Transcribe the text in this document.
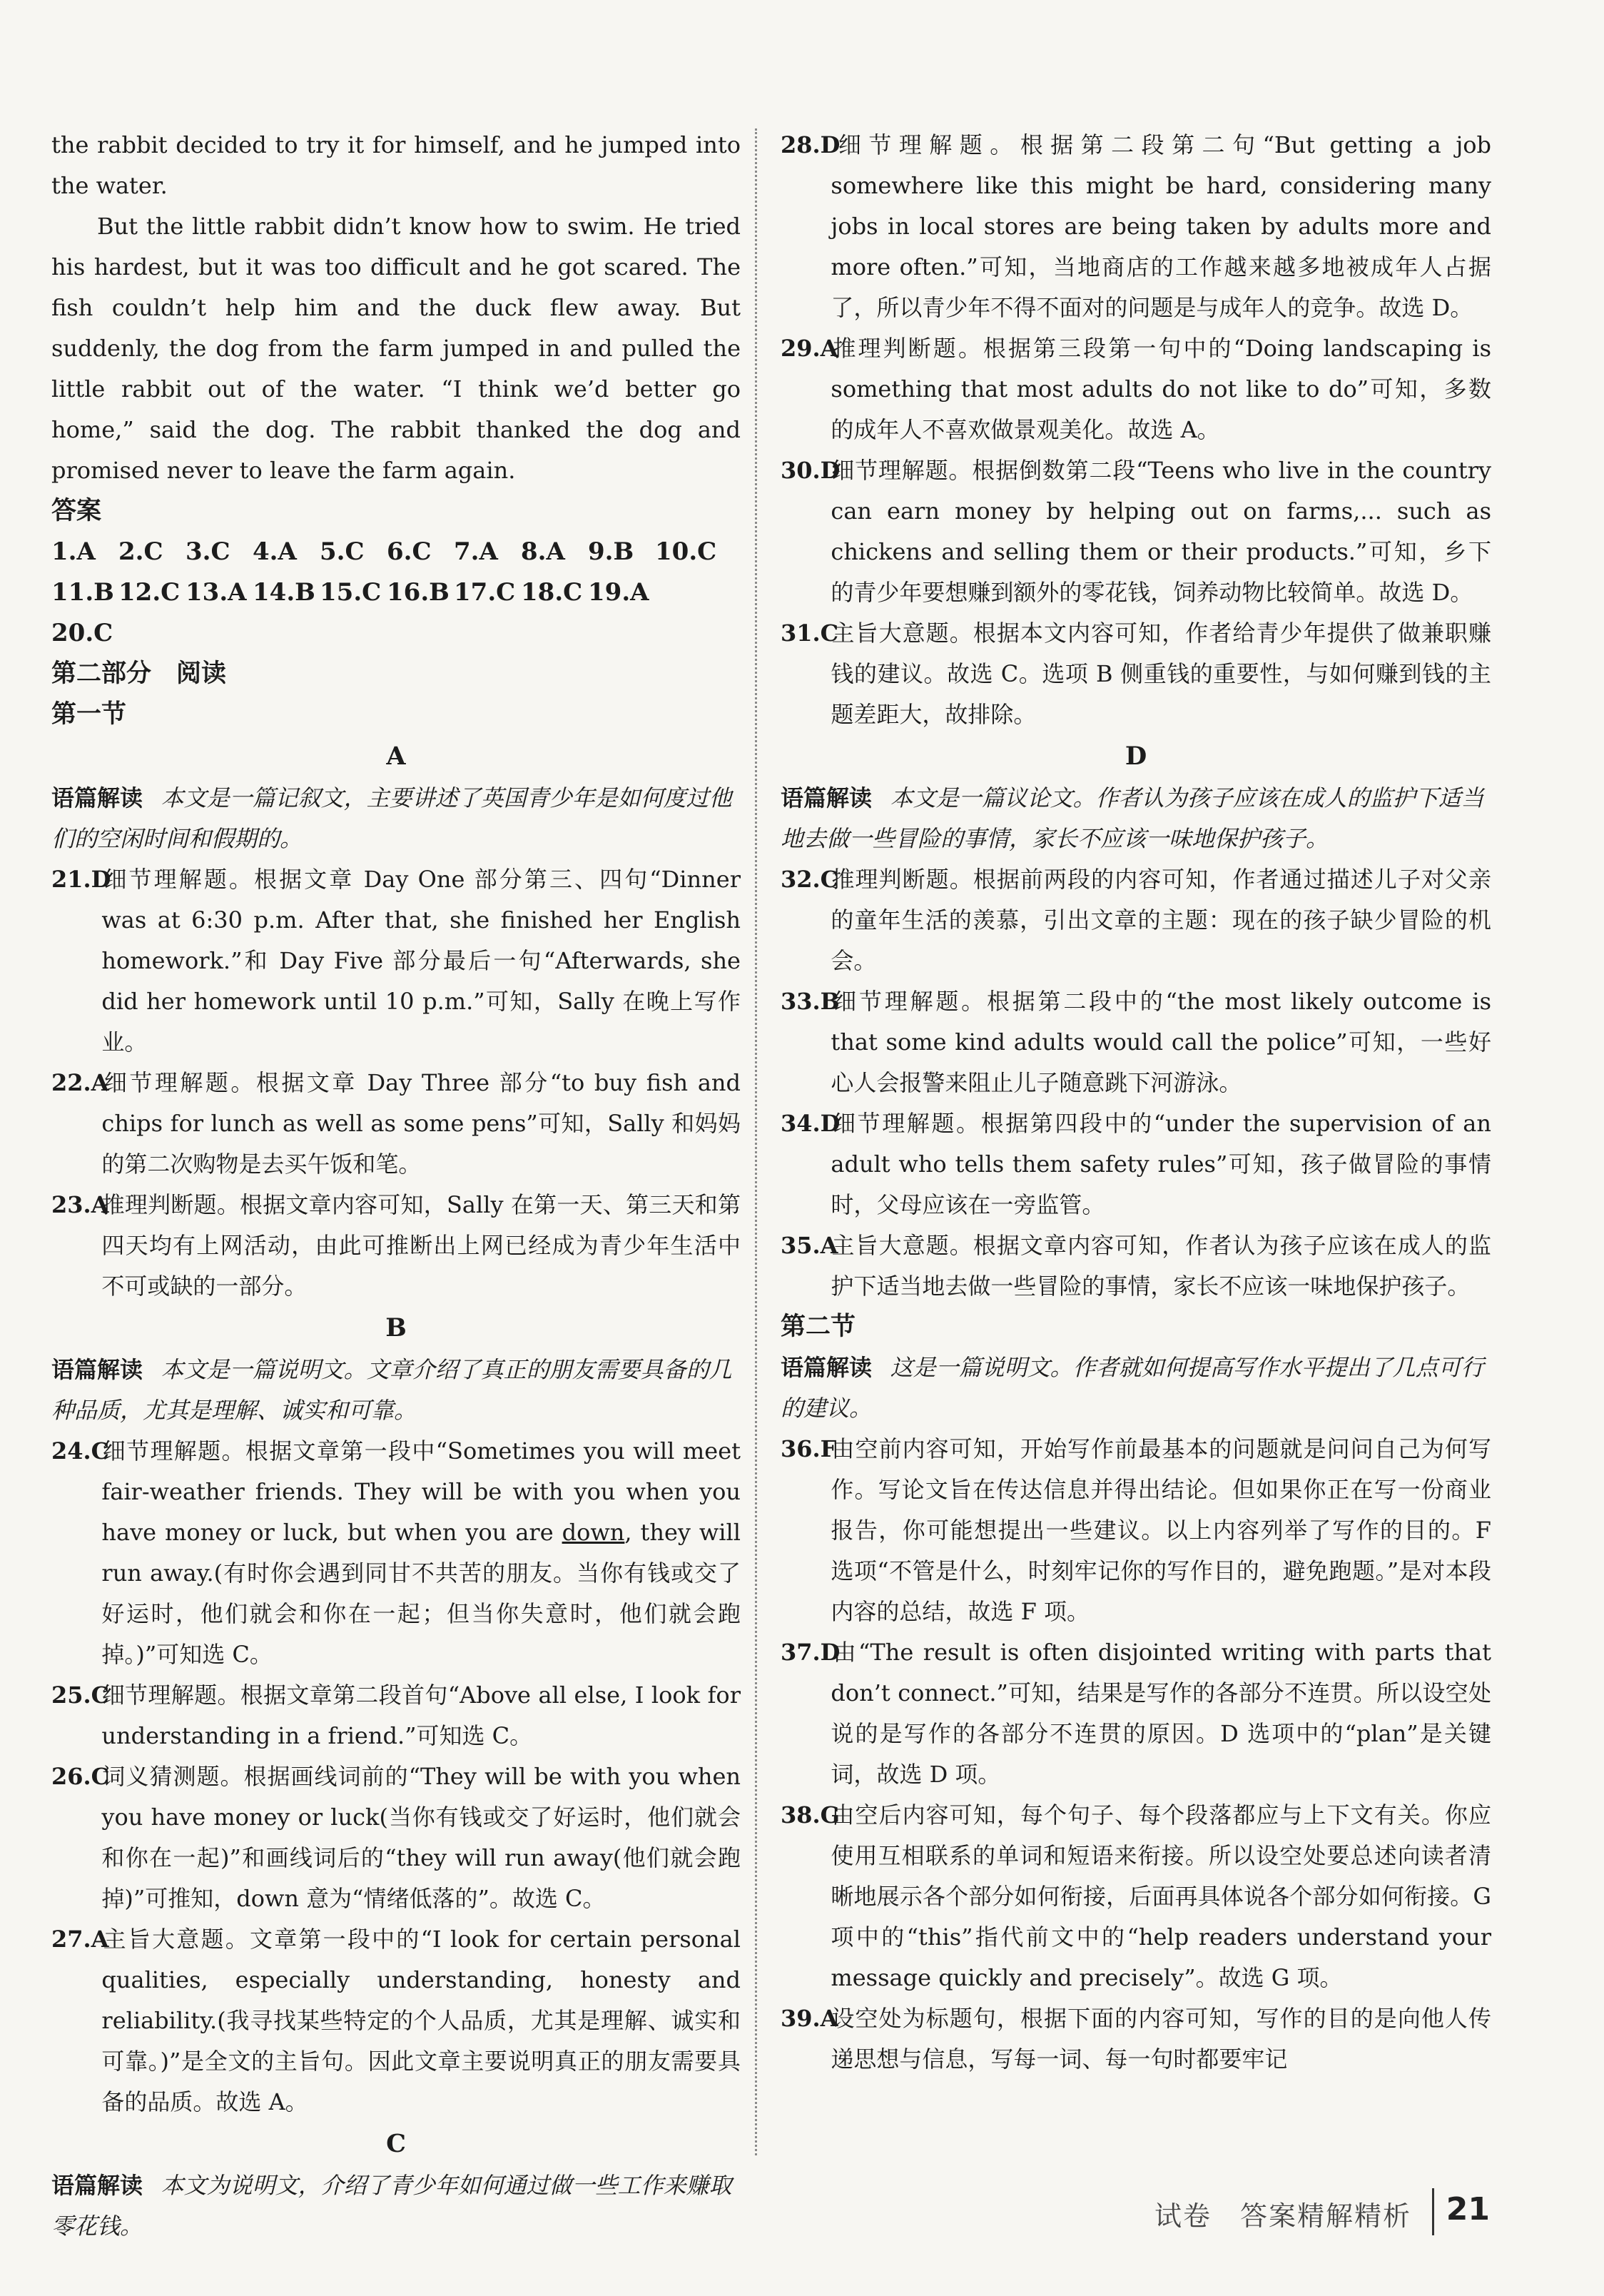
the rabbit decided to try it for himself, and he jumped into the water.

But the little rabbit didn’t know how to swim. He tried his hardest, but it was too difficult and he got scared. The fish couldn’t help him and the duck flew away. But suddenly, the dog from the farm jumped in and pulled the little rabbit out of the water. “I think we’d better go home,” said the dog. The rabbit thanked the dog and promised never to leave the farm again.

答案

1.A 2.C 3.C 4.A 5.C 6.C 7.A 8.A 9.B 10.C
11.B 12.C 13.A 14.B 15.C 16.B 17.C 18.C 19.A
20.C

第二部分　阅读

第一节

A

语篇解读 本文是一篇记叙文，主要讲述了英国青少年是如何度过他们的空闲时间和假期的。

21.D细节理解题。根据文章 Day One 部分第三、四句“Dinner was at 6:30 p.m. After that, she finished her English homework.”和 Day Five 部分最后一句“Afterwards, she did her homework until 10 p.m.”可知，Sally 在晚上写作业。

22.A细节理解题。根据文章 Day Three 部分“to buy fish and chips for lunch as well as some pens”可知，Sally 和妈妈的第二次购物是去买午饭和笔。

23.A推理判断题。根据文章内容可知，Sally 在第一天、第三天和第四天均有上网活动，由此可推断出上网已经成为青少年生活中不可或缺的一部分。

B

语篇解读 本文是一篇说明文。文章介绍了真正的朋友需要具备的几种品质，尤其是理解、诚实和可靠。

24.C细节理解题。根据文章第一段中“Sometimes you will meet fair-weather friends. They will be with you when you have money or luck, but when you are down, they will run away.(有时你会遇到同甘不共苦的朋友。当你有钱或交了好运时，他们就会和你在一起；但当你失意时，他们就会跑掉。)”可知选 C。

25.C细节理解题。根据文章第二段首句“Above all else, I look for understanding in a friend.”可知选 C。

26.C词义猜测题。根据画线词前的“They will be with you when you have money or luck(当你有钱或交了好运时，他们就会和你在一起)”和画线词后的“they will run away(他们就会跑掉)”可推知，down 意为“情绪低落的”。故选 C。

27.A主旨大意题。文章第一段中的“I look for certain personal qualities, especially understanding, honesty and reliability.(我寻找某些特定的个人品质，尤其是理解、诚实和可靠。)”是全文的主旨句。因此文章主要说明真正的朋友需要具备的品质。故选 A。

C

语篇解读 本文为说明文，介绍了青少年如何通过做一些工作来赚取零花钱。

28.D细节理解题。根据第二段第二句“But getting a job somewhere like this might be hard, considering many jobs in local stores are being taken by adults more and more often.”可知，当地商店的工作越来越多地被成年人占据了，所以青少年不得不面对的问题是与成年人的竞争。故选 D。

29.A推理判断题。根据第三段第一句中的“Doing landscaping is something that most adults do not like to do”可知，多数的成年人不喜欢做景观美化。故选 A。

30.D细节理解题。根据倒数第二段“Teens who live in the country can earn money by helping out on farms,... such as chickens and selling them or their products.”可知，乡下的青少年要想赚到额外的零花钱，饲养动物比较简单。故选 D。

31.C主旨大意题。根据本文内容可知，作者给青少年提供了做兼职赚钱的建议。故选 C。选项 B 侧重钱的重要性，与如何赚到钱的主题差距大，故排除。

D

语篇解读 本文是一篇议论文。作者认为孩子应该在成人的监护下适当地去做一些冒险的事情，家长不应该一味地保护孩子。

32.C推理判断题。根据前两段的内容可知，作者通过描述儿子对父亲的童年生活的羡慕，引出文章的主题：现在的孩子缺少冒险的机会。

33.B细节理解题。根据第二段中的“the most likely outcome is that some kind adults would call the police”可知，一些好心人会报警来阻止儿子随意跳下河游泳。

34.D细节理解题。根据第四段中的“under the supervision of an adult who tells them safety rules”可知，孩子做冒险的事情时，父母应该在一旁监管。

35.A主旨大意题。根据文章内容可知，作者认为孩子应该在成人的监护下适当地去做一些冒险的事情，家长不应该一味地保护孩子。

第二节

语篇解读 这是一篇说明文。作者就如何提高写作水平提出了几点可行的建议。

36.F由空前内容可知，开始写作前最基本的问题就是问问自己为何写作。写论文旨在传达信息并得出结论。但如果你正在写一份商业报告，你可能想提出一些建议。以上内容列举了写作的目的。F 选项“不管是什么，时刻牢记你的写作目的，避免跑题。”是对本段内容的总结，故选 F 项。

37.D由“The result is often disjointed writing with parts that don’t connect.”可知，结果是写作的各部分不连贯。所以设空处说的是写作的各部分不连贯的原因。D 选项中的“plan”是关键词，故选 D 项。

38.G由空后内容可知，每个句子、每个段落都应与上下文有关。你应使用互相联系的单词和短语来衔接。所以设空处要总述向读者清晰地展示各个部分如何衔接，后面再具体说各个部分如何衔接。G 项中的“this”指代前文中的“help readers understand your message quickly and precisely”。故选 G 项。

39.A设空处为标题句，根据下面的内容可知，写作的目的是向他人传递思想与信息，写每一词、每一句时都要牢记

试卷　答案精解精析 21
